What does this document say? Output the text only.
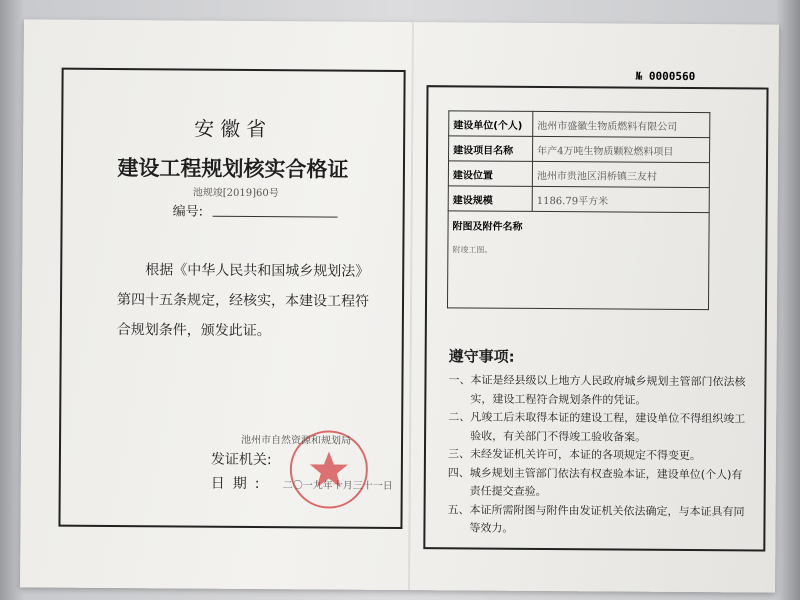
安徽省
建设工程规划核实合格证
池规竣[2019]60号
编号:
根据《中华人民共和国城乡规划法》第四十五条规定，经核实，本建设工程符合规划条件，颁发此证。
池州市自然资源和规划局
发证机关:
日期: 二〇一九年十月三十一日
№ 0000560
建设单位(个人)	池州市盛徽生物质燃料有限公司
建设项目名称	年产4万吨生物质颗粒燃料项目
建设位置	池州市贵池区涓桥镇三友村
建设规模	1186.79平方米
附图及附件名称
附竣工图。	
遵守事项:
一、本证是经县级以上地方人民政府城乡规划主管部门依法核实，建设工程符合规划条件的凭证。
二、凡竣工后未取得本证的建设工程，建设单位不得组织竣工验收，有关部门不得竣工验收备案。
三、未经发证机关许可，本证的各项规定不得变更。
四、城乡规划主管部门依法有权查验本证，建设单位(个人)有责任提交查验。
五、本证所需附图与附件由发证机关依法确定，与本证具有同等效力。
